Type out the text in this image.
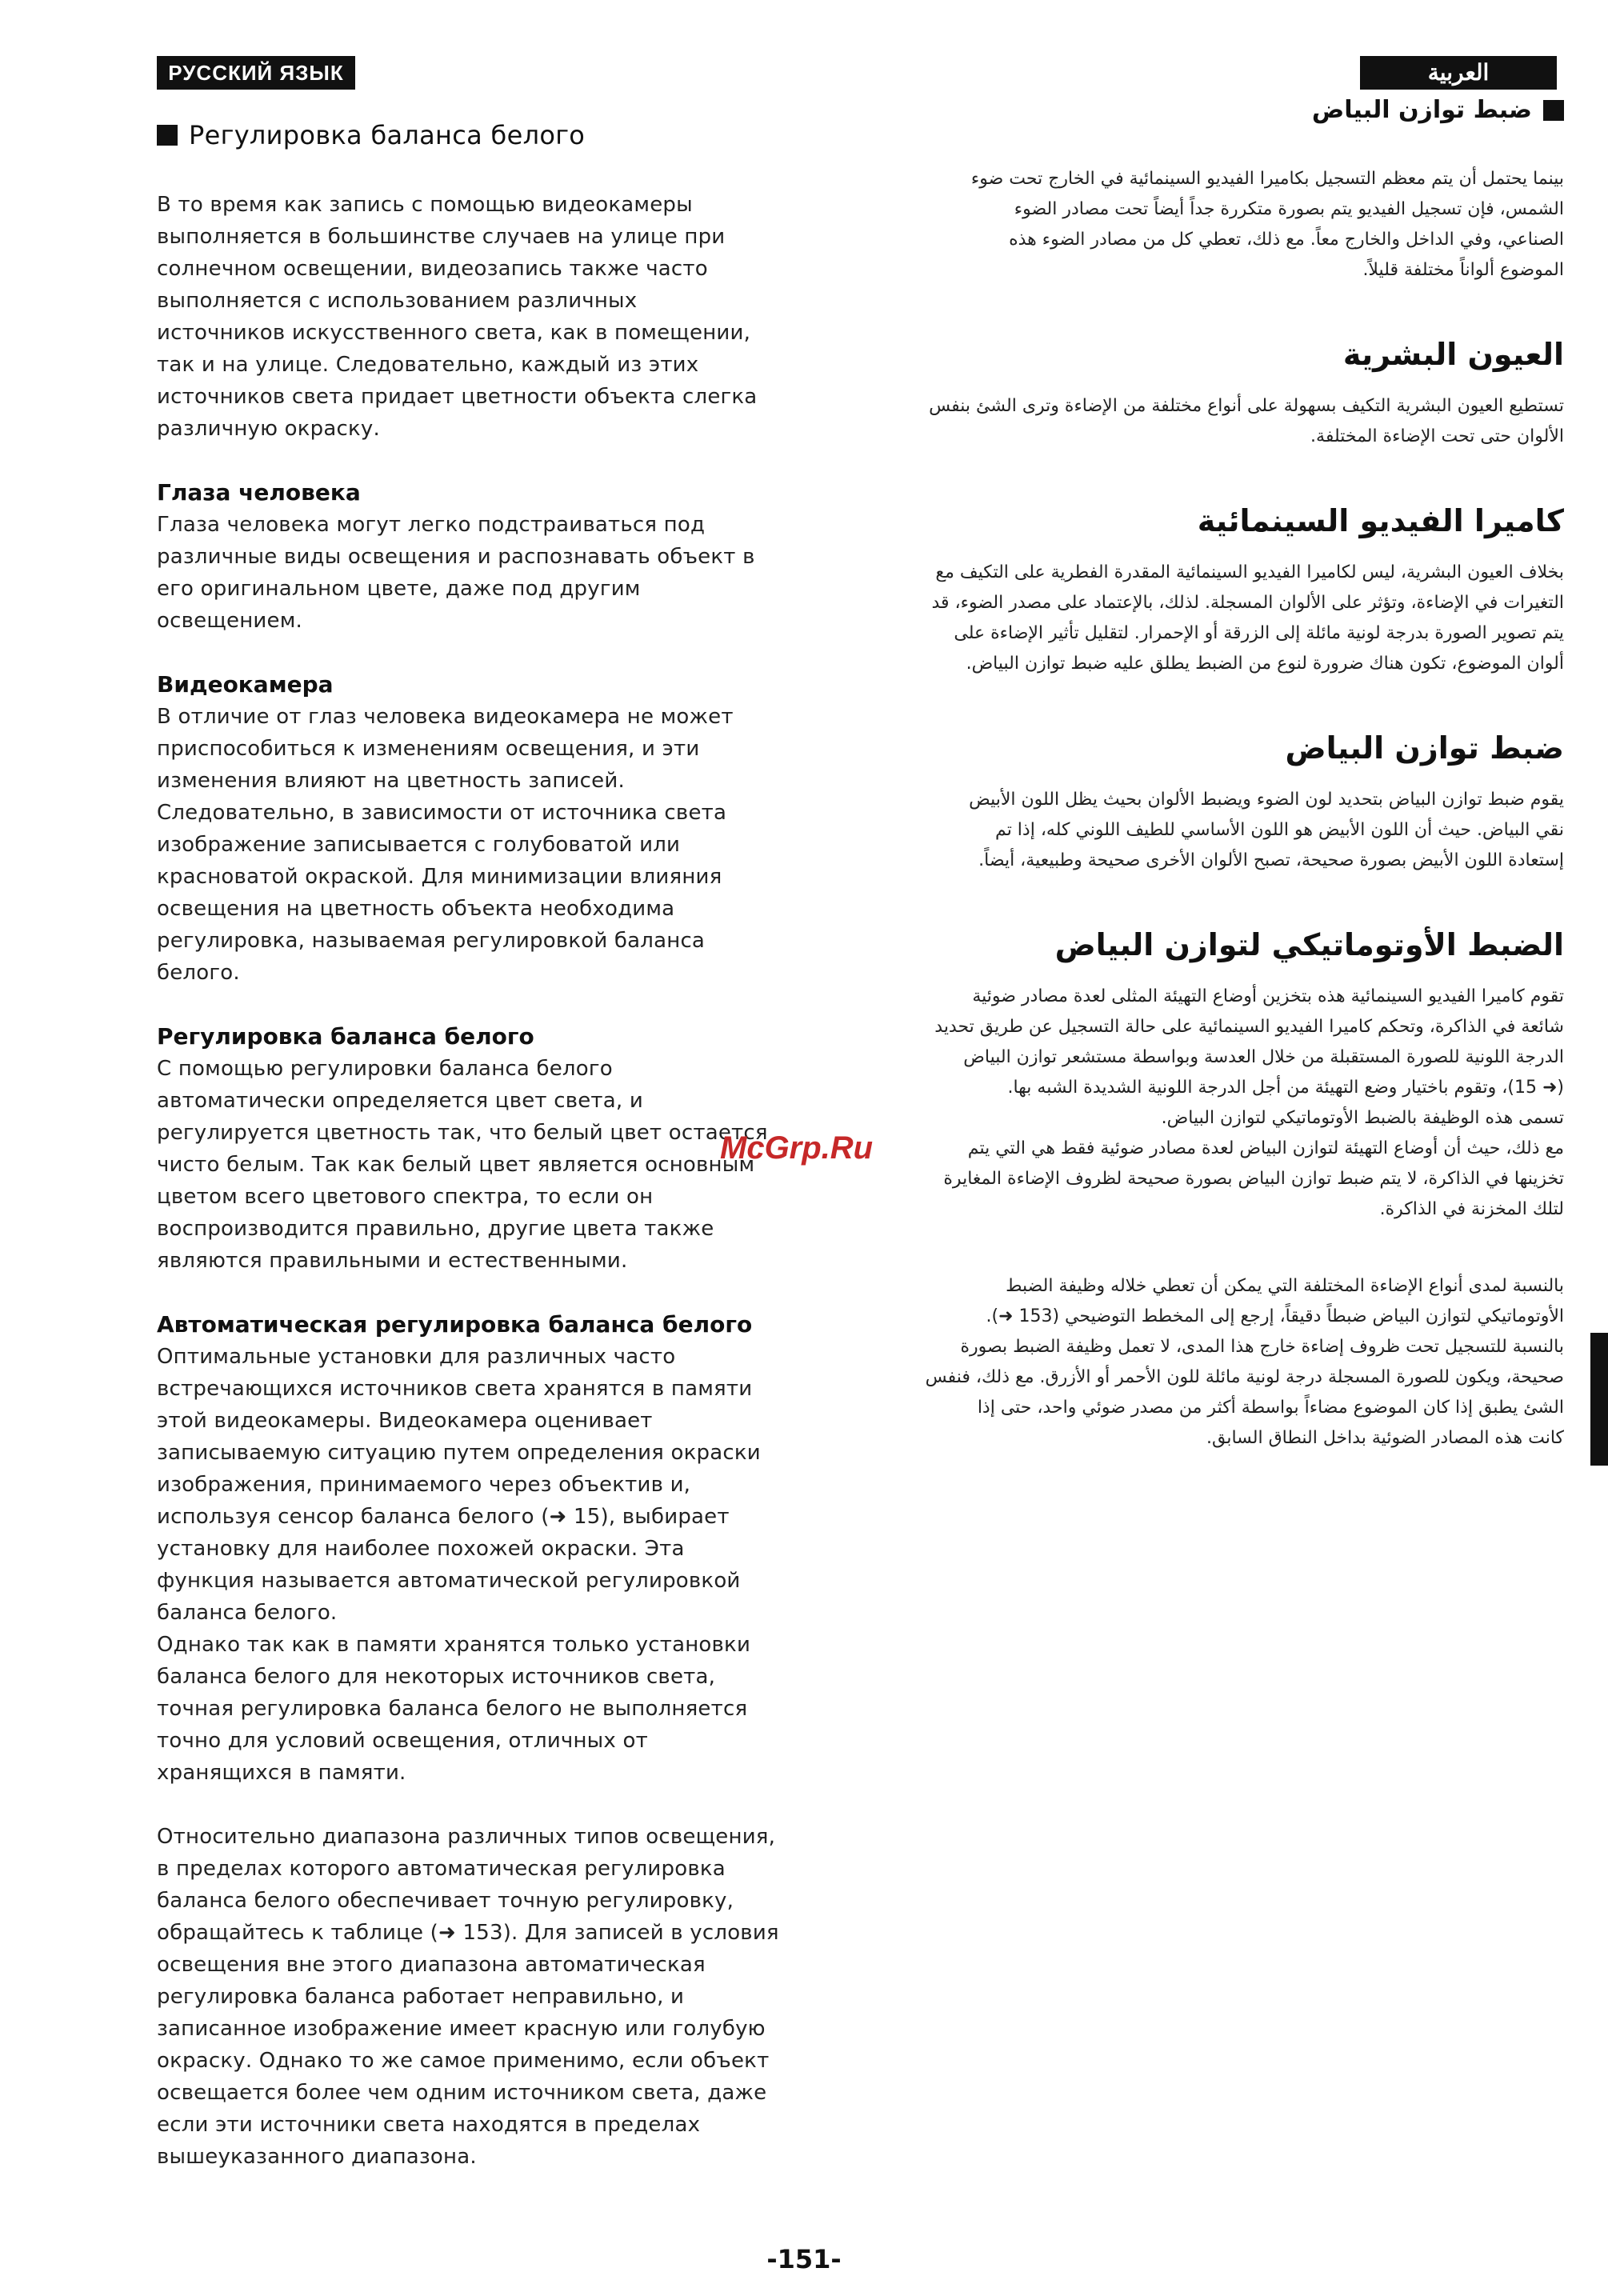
РУССКИЙ ЯЗЫК	العربية
Регулировка баланса белого

В то время как запись с помощью видеокамеры

выполняется в большинстве случаев на улице при

солнечном освещении, видеозапись также часто

выполняется с использованием различных

источников искусственного света, как в помещении,

так и на улице. Следовательно, каждый из этих

источников света придает цветности объекта слегка

различную окраску.

Глаза человека

Глаза человека могут легко подстраиваться под

различные виды освещения и распознавать объект в

его оригинальном цвете, даже под другим

освещением.

Видеокамера

В отличие от глаз человека видеокамера не может

приспособиться к изменениям освещения, и эти

изменения влияют на цветность записей.

Следовательно, в зависимости от источника света

изображение записывается с голубоватой или

красноватой окраской. Для минимизации влияния

освещения на цветность объекта необходима

регулировка, называемая регулировкой баланса

белого.

Регулировка баланса белого

С помощью регулировки баланса белого

автоматически определяется цвет света, и

регулируется цветность так, что белый цвет остается

чисто белым. Так как белый цвет является основным

цветом всего цветового спектра, то если он

воспроизводится правильно, другие цвета также

являются правильными и естественными.

Автоматическая регулировка баланса белого

Оптимальные установки для различных часто

встречающихся источников света хранятся в памяти

этой видеокамеры. Видеокамера оценивает

записываемую ситуацию путем определения окраски

изображения, принимаемого через объектив и,

используя сенсор баланса белого (➜ 15), выбирает

установку для наиболее похожей окраски. Эта

функция называется автоматической регулировкой

баланса белого.

Однако так как в памяти хранятся только установки

баланса белого для некоторых источников света,

точная регулировка баланса белого не выполняется

точно для условий освещения, отличных от

хранящихся в памяти.

Относительно диапазона различных типов освещения,

в пределах которого автоматическая регулировка

баланса белого обеспечивает точную регулировку,

обращайтесь к таблице (➜ 153). Для записей в условия

освещения вне этого диапазона автоматическая

регулировка баланса работает неправильно, и

записанное изображение имеет красную или голубую

окраску. Однако то же самое применимо, если объект

освещается более чем одним источником света, даже

если эти источники света находятся в пределах

вышеуказанного диапазона.

ضبط توازن البياض

بينما يحتمل أن يتم معظم التسجيل بكاميرا الفيديو السينمائية في الخارج تحت ضوء

الشمس، فإن تسجيل الفيديو يتم بصورة متكررة جداً أيضاً تحت مصادر الضوء

الصناعي، وفي الداخل والخارج معاً. مع ذلك، تعطي كل من مصادر الضوء هذه

الموضوع ألواناً مختلفة قليلاً.

العيون البشرية

تستطيع العيون البشرية التكيف بسهولة على أنواع مختلفة من الإضاءة وترى الشئ بنفس

الألوان حتى تحت الإضاءة المختلفة.

كاميرا الفيديو السينمائية

بخلاف العيون البشرية، ليس لكاميرا الفيديو السينمائية المقدرة الفطرية على التكيف مع

التغيرات في الإضاءة، وتؤثر على الألوان المسجلة. لذلك، بالإعتماد على مصدر الضوء، قد

يتم تصوير الصورة بدرجة لونية مائلة إلى الزرقة أو الإحمرار. لتقليل تأثير الإضاءة على

ألوان الموضوع، تكون هناك ضرورة لنوع من الضبط يطلق عليه ضبط توازن البياض.

ضبط توازن البياض

يقوم ضبط توازن البياض بتحديد لون الضوء ويضبط الألوان بحيث يظل اللون الأبيض

نقي البياض. حيث أن اللون الأبيض هو اللون الأساسي للطيف اللوني كله، إذا تم

إستعادة اللون الأبيض بصورة صحيحة، تصبح الألوان الأخرى صحيحة وطبيعية، أيضاً.

الضبط الأوتوماتيكي لتوازن البياض

تقوم كاميرا الفيديو السينمائية هذه بتخزين أوضاع التهيئة المثلى لعدة مصادر ضوئية

شائعة في الذاكرة، وتحكم كاميرا الفيديو السينمائية على حالة التسجيل عن طريق تحديد

الدرجة اللونية للصورة المستقبلة من خلال العدسة وبواسطة مستشعر توازن البياض

(➜ 15)، وتقوم باختيار وضع التهيئة من أجل الدرجة اللونية الشديدة الشبه بها.

تسمى هذه الوظيفة بالضبط الأوتوماتيكي لتوازن البياض.

مع ذلك، حيث أن أوضاع التهيئة لتوازن البياض لعدة مصادر ضوئية فقط هي التي يتم

تخزينها في الذاكرة، لا يتم ضبط توازن البياض بصورة صحيحة لظروف الإضاءة المغايرة

لتلك المخزنة في الذاكرة.

بالنسبة لمدى أنواع الإضاءة المختلفة التي يمكن أن تعطي خلاله وظيفة الضبط

الأوتوماتيكي لتوازن البياض ضبطاً دقيقاً، إرجع إلى المخطط التوضيحي (153 ➜).

بالنسبة للتسجيل تحت ظروف إضاءة خارج هذا المدى، لا تعمل وظيفة الضبط بصورة

صحيحة، ويكون للصورة المسجلة درجة لونية مائلة للون الأحمر أو الأزرق. مع ذلك، فنفس

الشئ يطبق إذا كان الموضوع مضاءاً بواسطة أكثر من مصدر ضوئي واحد، حتى إذا

كانت هذه المصادر الضوئية بداخل النطاق السابق.

McGrp.Ru
-151-
